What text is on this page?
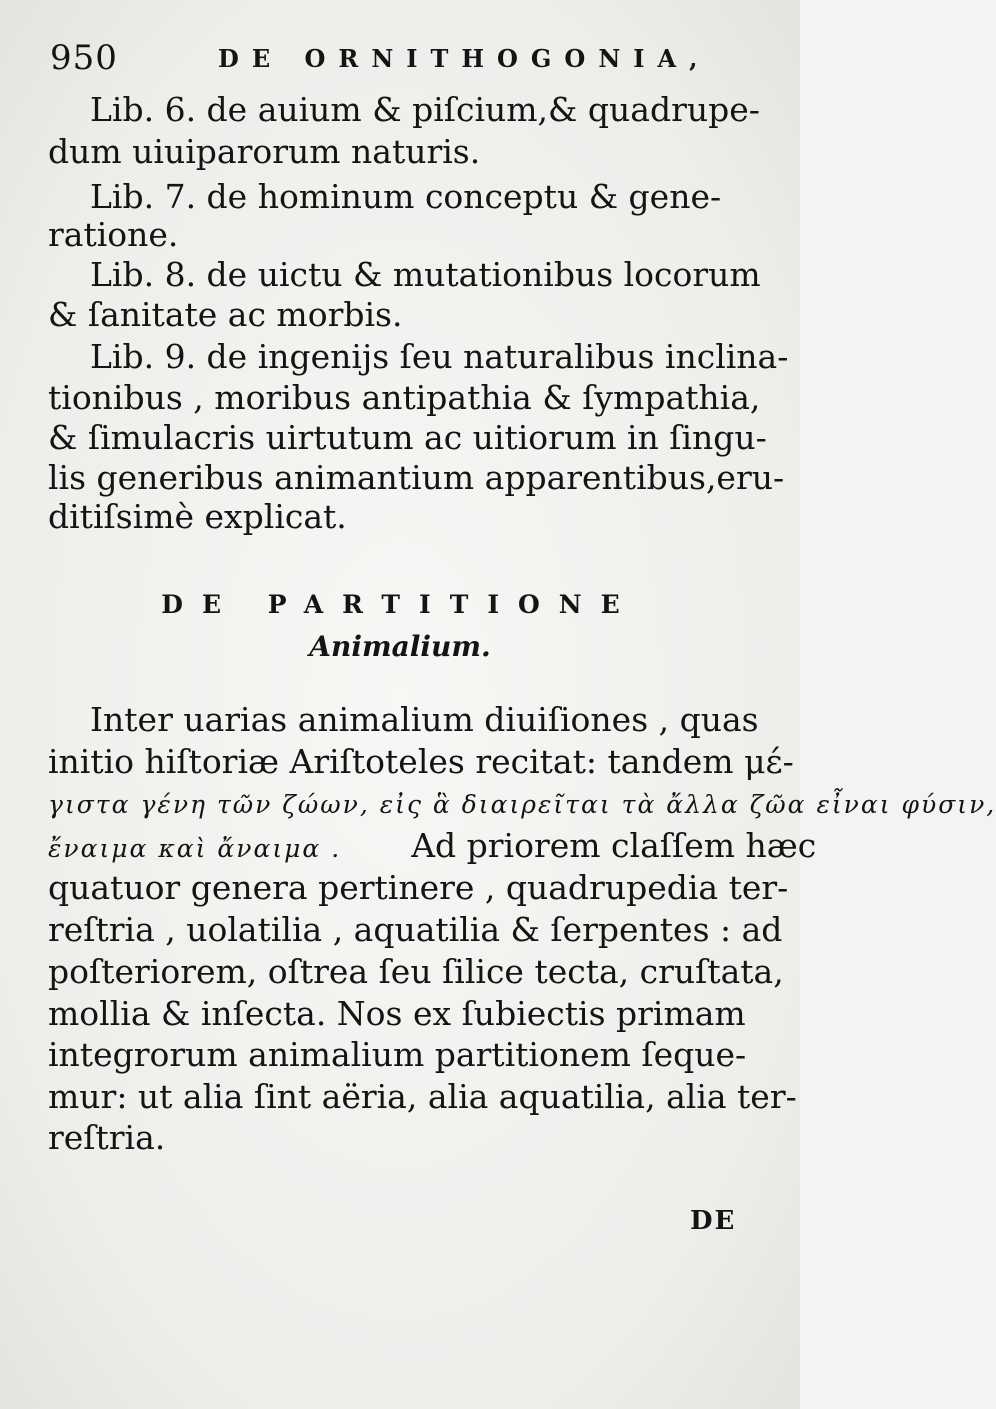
950	DE ORNITHOGONIA,
Lib. 6. de auium & piſcium,& quadrupe-
dum uiuiparorum naturis.
Lib. 7. de hominum conceptu & gene-
ratione.
Lib. 8. de uictu & mutationibus locorum
& ſanitate ac morbis.
Lib. 9. de ingenijs ſeu naturalibus inclina-
tionibus , moribus antipathia & ſympathia,
& ſimulacris uirtutum ac uitiorum in ſingu-
lis generibus animantium apparentibus,eru-
ditiſsimè explicat.
DE PARTITIONE
Animalium.
Inter uarias animalium diuiſiones , quas
initio hiſtoriæ Ariſtoteles recitat: tandem μέ-
γιστα γένη τῶν ζώων, εἰς ἃ διαιρεῖται τὰ ἄλλα ζῶα εἶναι φύσιν,
ἔναιμα καὶ ἄναιμα . Ad priorem claſſem hæc
quatuor genera pertinere , quadrupedia ter-
reſtria , uolatilia , aquatilia & ſerpentes : ad
poſteriorem, oſtrea ſeu ſilice tecta, cruſtata,
mollia & inſecta. Nos ex ſubiectis primam
integrorum animalium partitionem ſeque-
mur: ut alia ſint aëria, alia aquatilia, alia ter-
reſtria.
DE
